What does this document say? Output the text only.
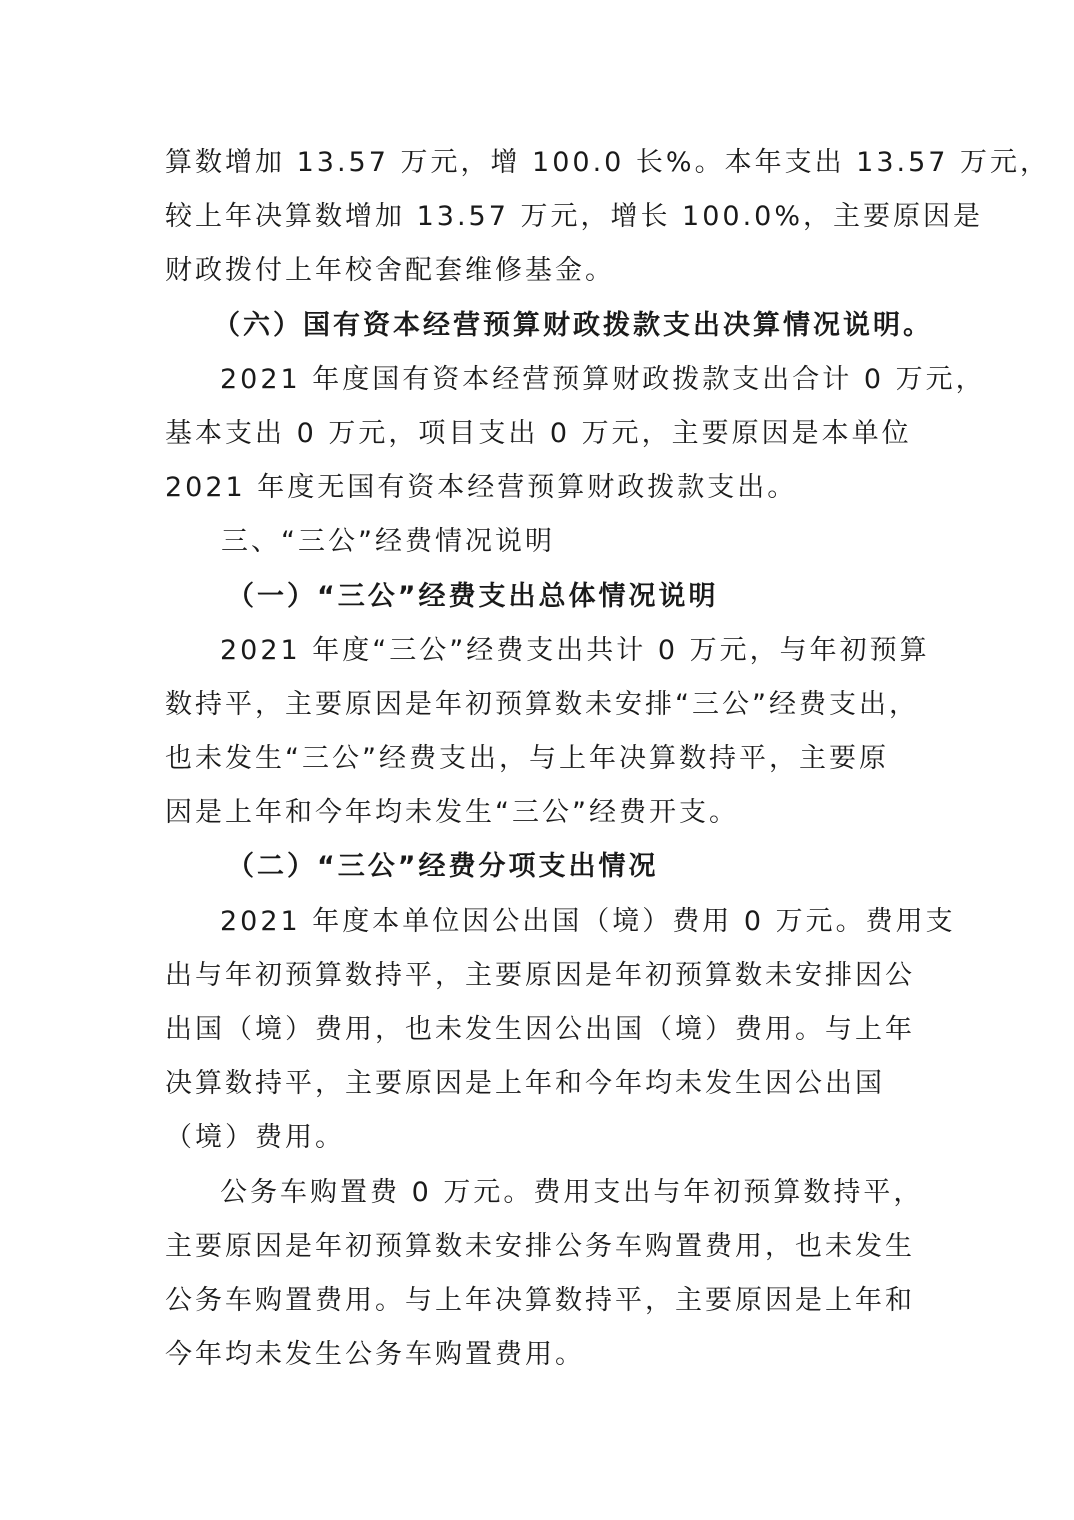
算数增加 13.57 万元，增 100.0 长%。本年支出 13.57 万元，
较上年决算数增加 13.57 万元，增长 100.0%，主要原因是
财政拨付上年校舍配套维修基金。
（六）国有资本经营预算财政拨款支出决算情况说明。
2021 年度国有资本经营预算财政拨款支出合计 0 万元，
基本支出 0 万元，项目支出 0 万元，主要原因是本单位
2021 年度无国有资本经营预算财政拨款支出。
三、“三公”经费情况说明
（一）“三公”经费支出总体情况说明
2021 年度“三公”经费支出共计 0 万元，与年初预算
数持平，主要原因是年初预算数未安排“三公”经费支出，
也未发生“三公”经费支出，与上年决算数持平，主要原
因是上年和今年均未发生“三公”经费开支。
（二）“三公”经费分项支出情况
2021 年度本单位因公出国（境）费用 0 万元。费用支
出与年初预算数持平，主要原因是年初预算数未安排因公
出国（境）费用，也未发生因公出国（境）费用。与上年
决算数持平，主要原因是上年和今年均未发生因公出国
（境）费用。
公务车购置费 0 万元。费用支出与年初预算数持平，
主要原因是年初预算数未安排公务车购置费用，也未发生
公务车购置费用。与上年决算数持平，主要原因是上年和
今年均未发生公务车购置费用。
